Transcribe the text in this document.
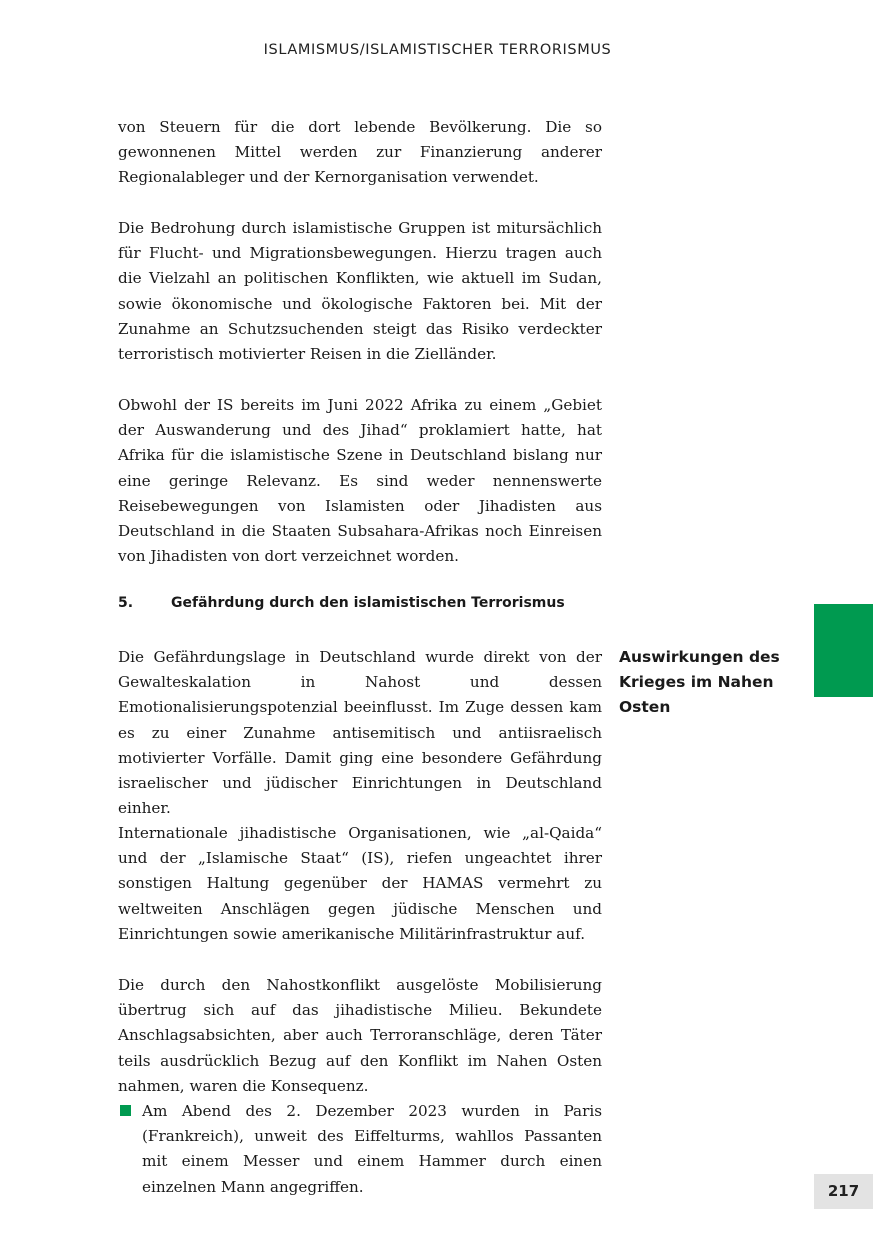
ISLAMISMUS/ISLAMISTISCHER TERRORISMUS

von Steuern für die dort lebende Bevölkerung. Die so gewonnenen Mittel werden zur Finanzierung anderer Regionalableger und der Kernorganisation verwendet.

Die Bedrohung durch islamistische Gruppen ist mitursächlich für Flucht- und Migrationsbewegungen. Hierzu tragen auch die Vielzahl an politischen Konflikten, wie aktuell im Sudan, sowie ökonomische und ökologische Faktoren bei. Mit der Zunahme an Schutzsuchenden steigt das Risiko verdeckter terroristisch motivierter Reisen in die Zielländer.

Obwohl der IS bereits im Juni 2022 Afrika zu einem „Gebiet der Auswanderung und des Jihad“ proklamiert hatte, hat Afrika für die islamistische Szene in Deutschland bislang nur eine geringe Relevanz. Es sind weder nennenswerte Reisebewegungen von Islamisten oder Jihadisten aus Deutschland in die Staaten Subsahara-Afrikas noch Einreisen von Jihadisten von dort verzeichnet worden.

5.	Gefährdung durch den islamistischen Terrorismus

Die Gefährdungslage in Deutschland wurde direkt von der Gewalteskalation in Nahost und dessen Emotionalisierungspotenzial beeinflusst. Im Zuge dessen kam es zu einer Zunahme antisemitisch und antiisraelisch motivierter Vorfälle. Damit ging eine besondere Gefährdung israelischer und jüdischer Einrichtungen in Deutschland einher.

Auswirkungen des Krieges im Nahen Osten

Internationale jihadistische Organisationen, wie „al-Qaida“ und der „Islamische Staat“ (IS), riefen ungeachtet ihrer sonstigen Haltung gegenüber der HAMAS vermehrt zu weltweiten Anschlägen gegen jüdische Menschen und Einrichtungen sowie amerikanische Militärinfrastruktur auf.

Die durch den Nahostkonflikt ausgelöste Mobilisierung übertrug sich auf das jihadistische Milieu. Bekundete Anschlagsabsichten, aber auch Terroranschläge, deren Täter teils ausdrücklich Bezug auf den Konflikt im Nahen Osten nahmen, waren die Konsequenz.

Am Abend des 2. Dezember 2023 wurden in Paris (Frankreich), unweit des Eiffelturms, wahllos Passanten mit einem Messer und einem Hammer durch einen einzelnen Mann angegriffen.	217
